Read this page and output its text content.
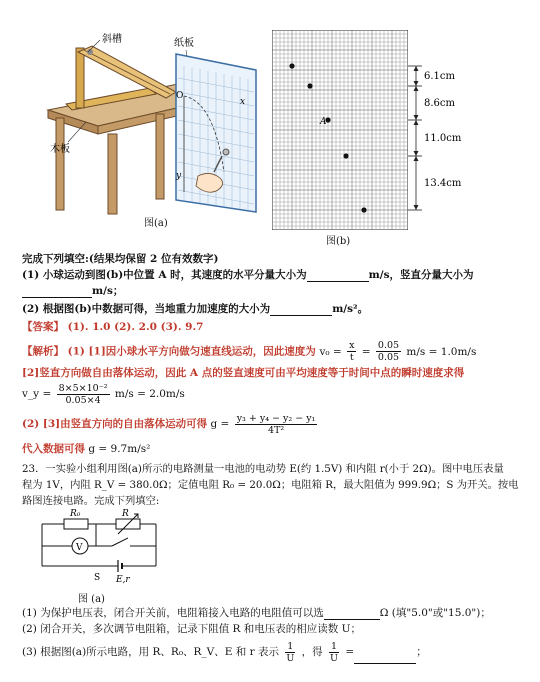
斜槽	纸板
木板
O
x
y
图(a)
A
6.1cm
8.6cm
11.0cm
13.4cm
图(b)
完成下列填空:(结果均保留 2 位有效数字)
(1) 小球运动到图(b)中位置 A 时，其速度的水平分量大小为	m/s，竖直分量大小为
m/s；
(2) 根据图(b)中数据可得，当地重力加速度的大小为	m/s²。
【答案】 (1). 1.0 (2). 2.0 (3). 9.7
【解析】 (1) [1]因小球水平方向做匀速直线运动，因此速度为 $v_0 = \frac{x}{t} = \frac{0.05}{0.05} m/s = 1.0m/s$
[2]竖直方向做自由落体运动，因此 A 点的竖直速度可由平均速度等于时间中点的瞬时速度求得
v_y = $\frac{\text{8×5×10⁻²}}{0.05\times 4} m/s = 2.0m/s$
(2) [3]由竖直方向的自由落体运动可得 $g = \frac{\text{y₃ + y₄ − y₂ − y₁}}{\text{4T²}}$
代入数据可得 g = 9.7m/s²
23．一实验小组利用图(a)所示的电路测量一电池的电动势 E(约 1.5V) 和内阻 r(小于 2Ω)。图中电压表量
程为 1V，内阻 R_V = 380.0Ω；定值电阻 R₀ = 20.0Ω；电阻箱 R，最大阻值为 999.9Ω；S 为开关。按电
路图连接电路。完成下列填空:
R₀	R
V
S E,r
图 (a)
(1) 为保护电压表，闭合开关前，电阻箱接入电路的电阻值可以选	Ω (填"5.0"或"15.0")；
(2) 闭合开关，多次调节电阻箱，记录下阻值 R 和电压表的相应读数 U；
(3) 根据图(a)所示电路，用 R、R₀、R_V、E 和 r 表示 $\frac{1}{U}$ ，得 $\frac{1}{U}$ =	；
